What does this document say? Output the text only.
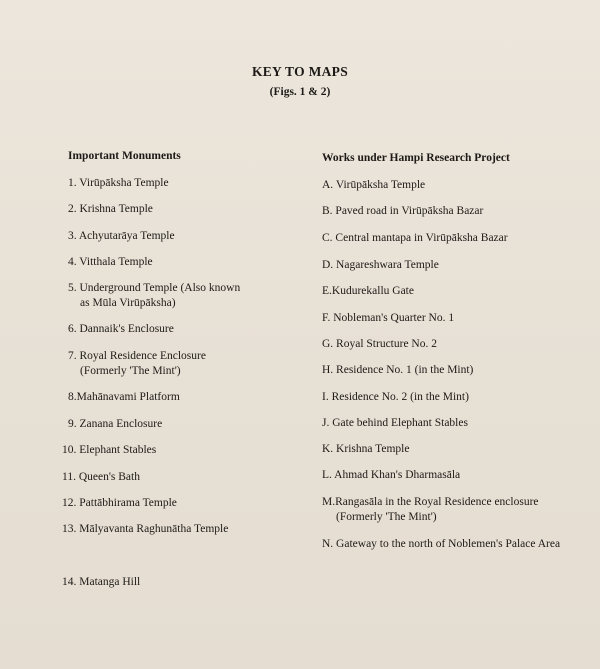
KEY TO MAPS
(Figs. 1 & 2)
Important Monuments
1. Virūpāksha Temple
2. Krishna Temple
3. Achyutarāya Temple
4. Vitthala Temple
5. Underground Temple (Also known
as Mūla Virūpāksha)
6. Dannaik's Enclosure
7. Royal Residence Enclosure
(Formerly 'The Mint')
8.Mahānavami Platform
9. Zanana Enclosure
10. Elephant Stables
11. Queen's Bath
12. Pattābhirama Temple
13. Mālyavanta Raghunātha Temple
14. Matanga Hill
Works under Hampi Research Project
A. Virūpāksha Temple
B. Paved road in Virūpāksha Bazar
C. Central mantapa in Virūpāksha Bazar
D. Nagareshwara Temple
E.Kudurekallu Gate
F. Nobleman's Quarter No. 1
G. Royal Structure No. 2
H. Residence No. 1 (in the Mint)
I. Residence No. 2 (in the Mint)
J. Gate behind Elephant Stables
K. Krishna Temple
L. Ahmad Khan's Dharmasāla
M.Rangasāla in the Royal Residence enclosure
(Formerly 'The Mint')
N. Gateway to the north of Noblemen's Palace Area
